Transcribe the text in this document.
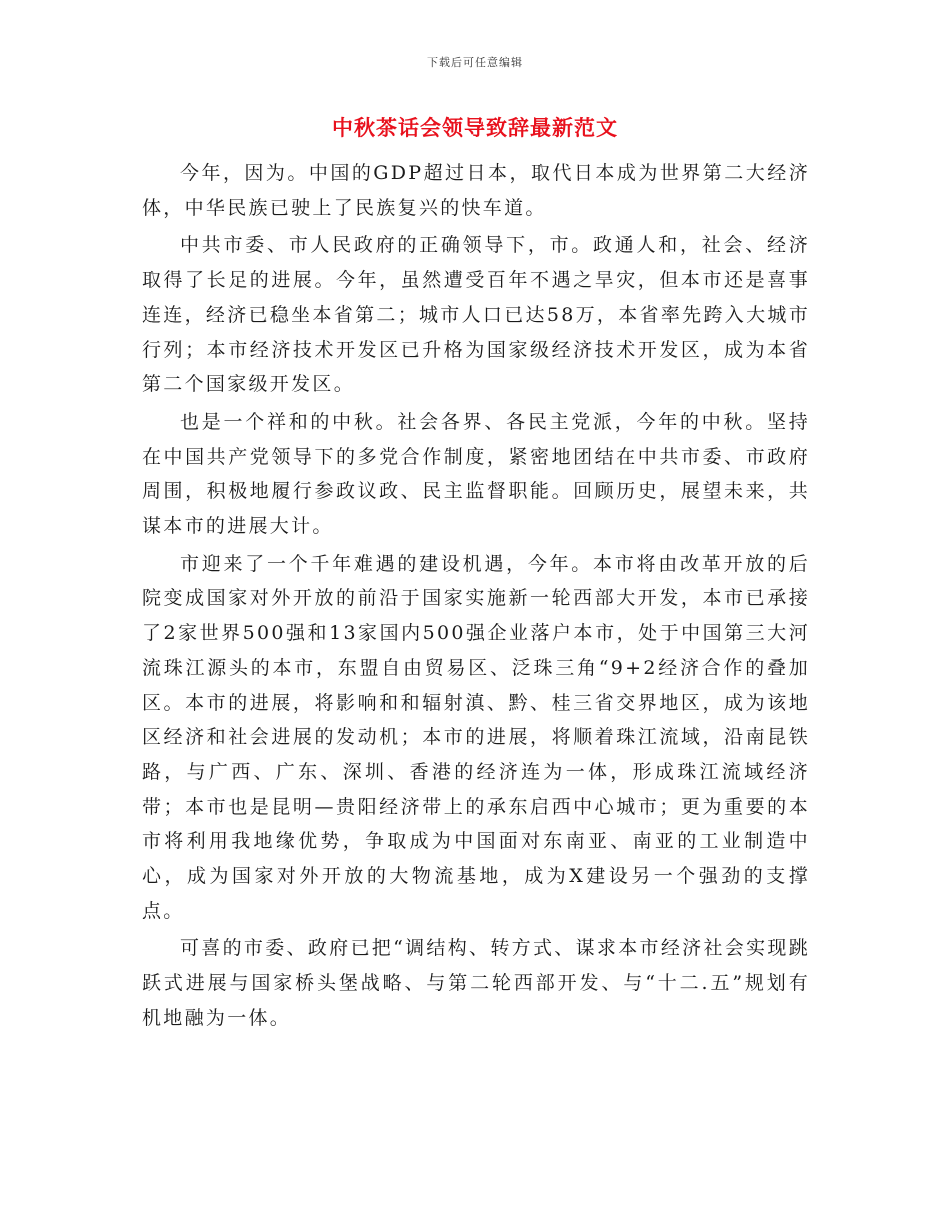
下载后可任意编辑
中秋茶话会领导致辞最新范文

今年，因为。中国的GDP超过日本，取代日本成为世界第二大经济体，中华民族已驶上了民族复兴的快车道。

中共市委、市人民政府的正确领导下，市。政通人和，社会、经济取得了长足的进展。今年，虽然遭受百年不遇之旱灾，但本市还是喜事连连，经济已稳坐本省第二；城市人口已达58万，本省率先跨入大城市行列；本市经济技术开发区已升格为国家级经济技术开发区，成为本省第二个国家级开发区。

也是一个祥和的中秋。社会各界、各民主党派，今年的中秋。坚持在中国共产党领导下的多党合作制度，紧密地团结在中共市委、市政府周围，积极地履行参政议政、民主监督职能。回顾历史，展望未来，共谋本市的进展大计。

市迎来了一个千年难遇的建设机遇，今年。本市将由改革开放的后院变成国家对外开放的前沿于国家实施新一轮西部大开发，本市已承接了2家世界500强和13家国内500强企业落户本市，处于中国第三大河流珠江源头的本市，东盟自由贸易区、泛珠三角“9+2经济合作的叠加区。本市的进展，将影响和和辐射滇、黔、桂三省交界地区，成为该地区经济和社会进展的发动机；本市的进展，将顺着珠江流域，沿南昆铁路，与广西、广东、深圳、香港的经济连为一体，形成珠江流域经济带；本市也是昆明—贵阳经济带上的承东启西中心城市；更为重要的本市将利用我地缘优势，争取成为中国面对东南亚、南亚的工业制造中心，成为国家对外开放的大物流基地，成为X建设另一个强劲的支撑点。

可喜的市委、政府已把“调结构、转方式、谋求本市经济社会实现跳跃式进展与国家桥头堡战略、与第二轮西部开发、与“十二.五”规划有机地融为一体。
